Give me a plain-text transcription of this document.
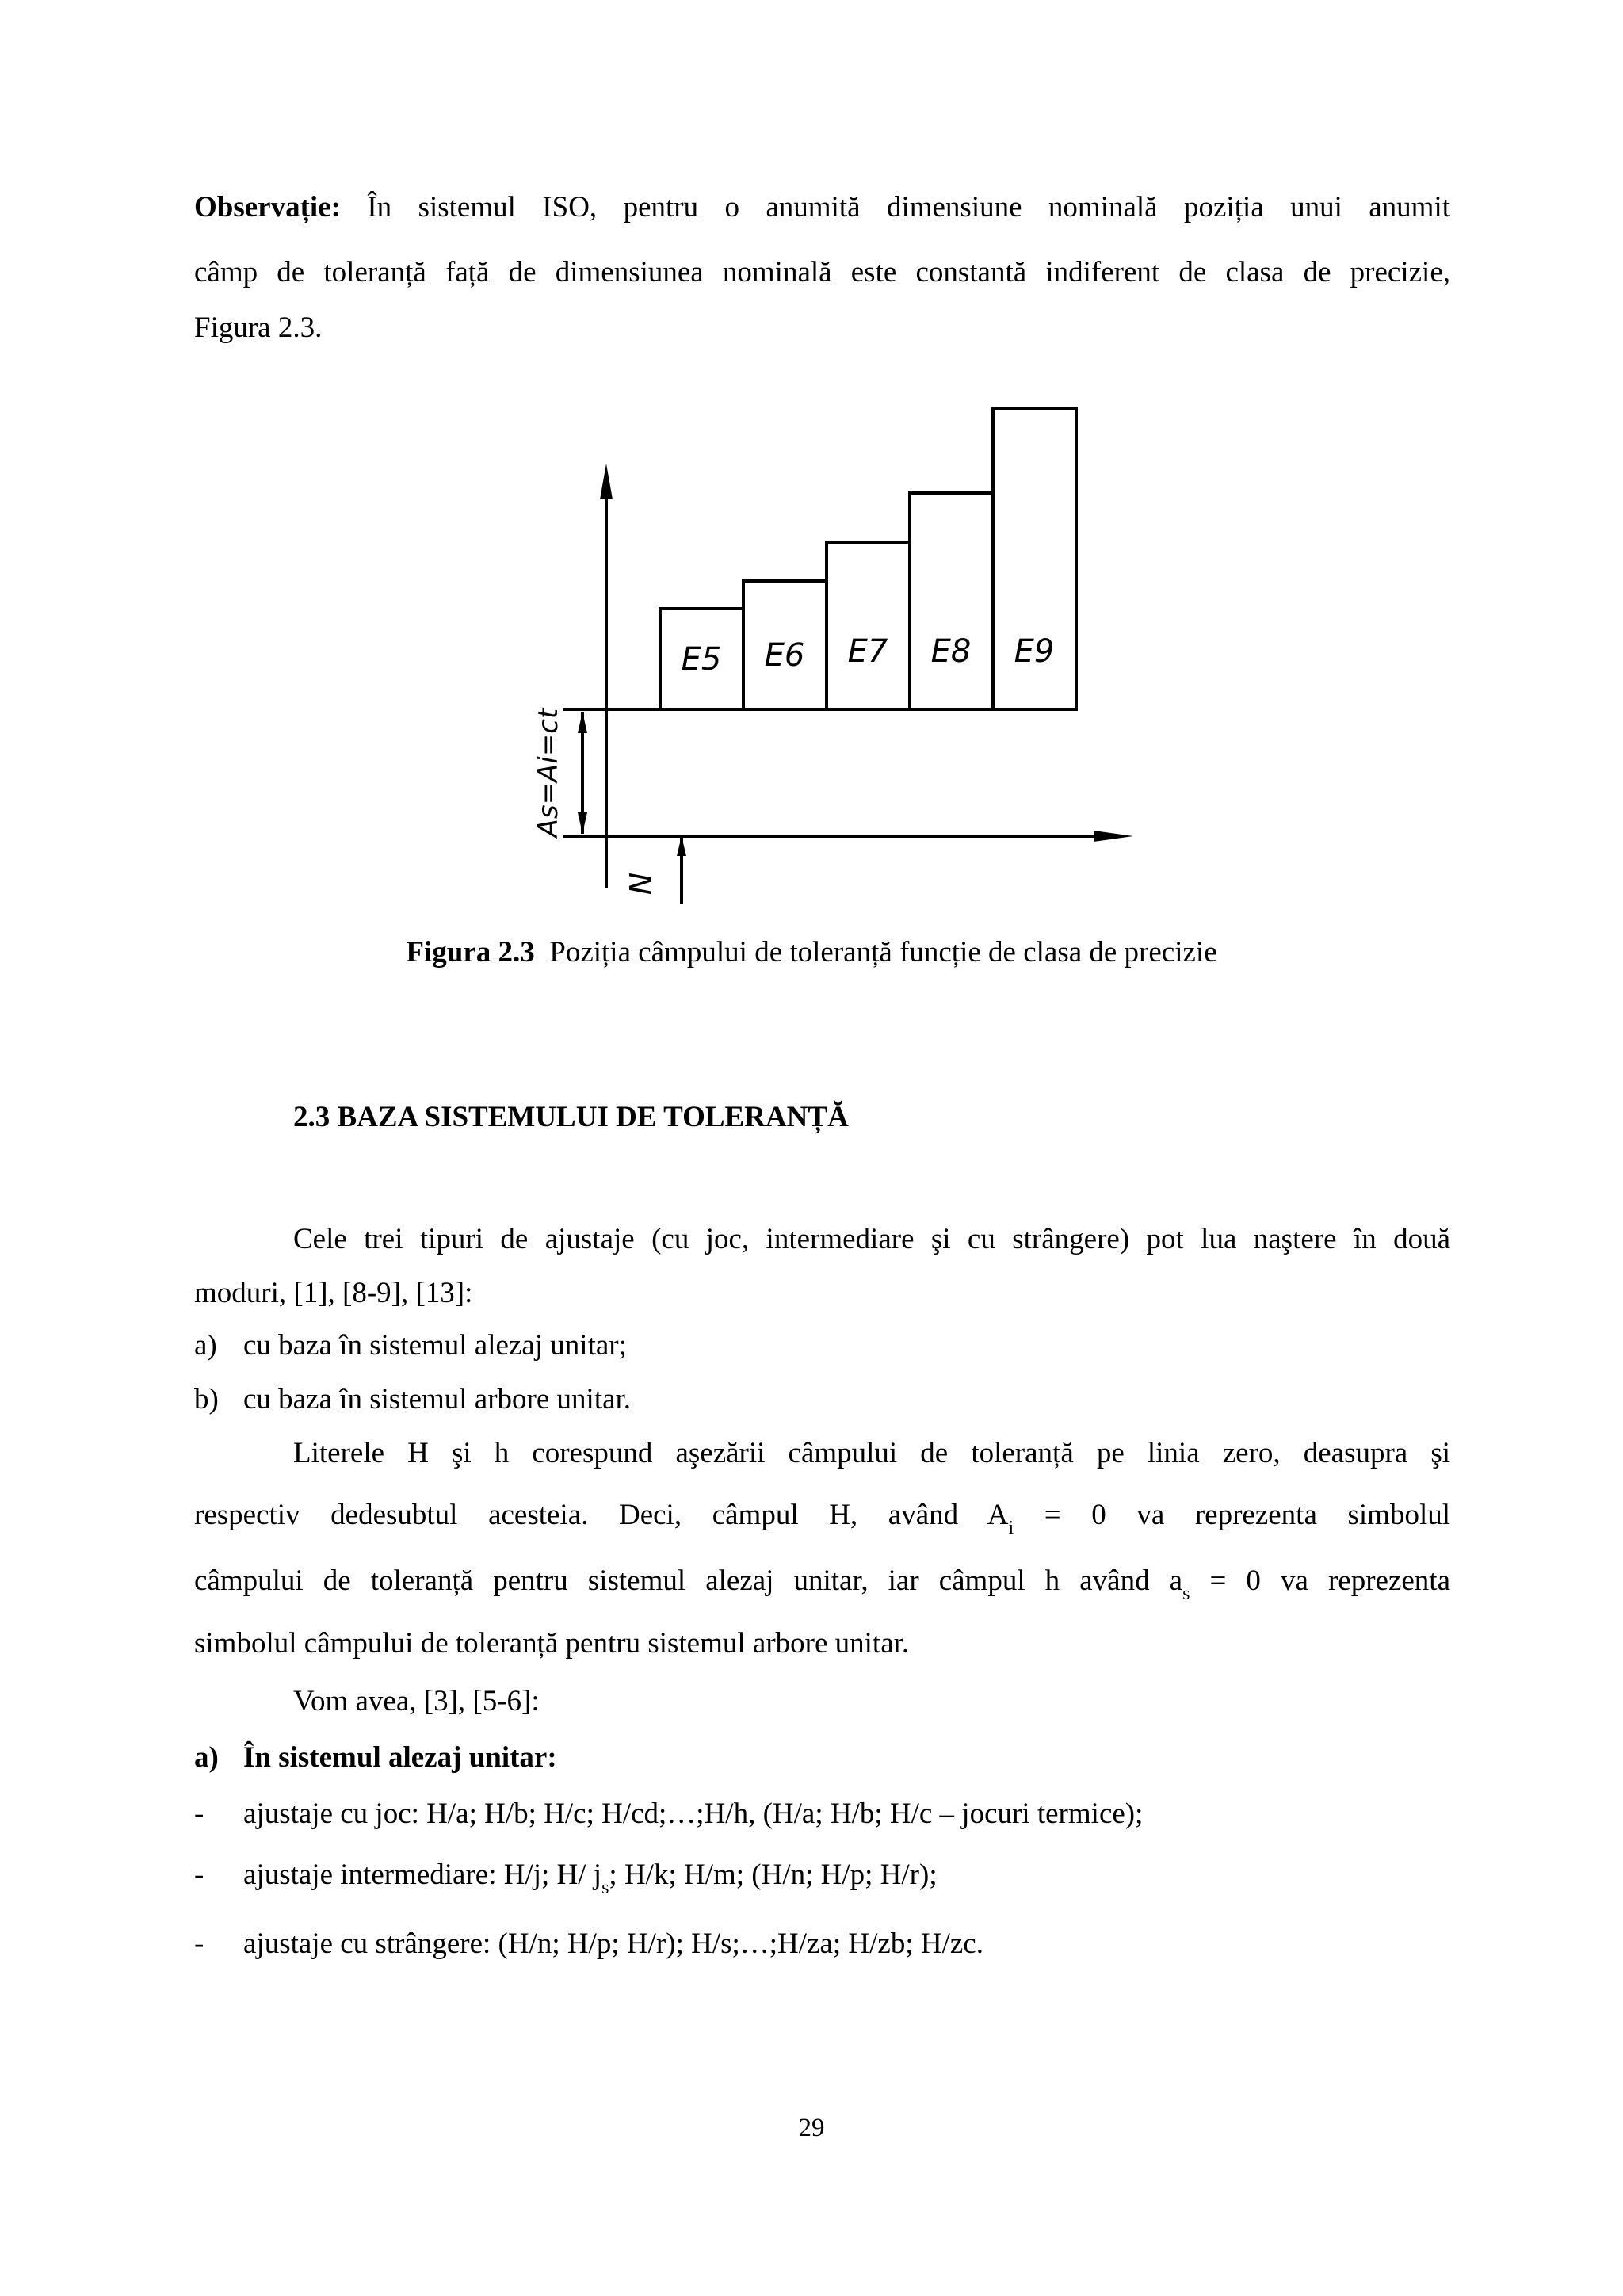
Observație: În sistemul ISO, pentru o anumită dimensiune nominală poziția unui anumit
câmp de toleranță față de dimensiunea nominală este constantă indiferent de clasa de precizie,
Figura 2.3.
E5 E6 E7 E8 E9
As=Ai=ct
N
Figura 2.3 Poziția câmpului de toleranță funcție de clasa de precizie
2.3 BAZA SISTEMULUI DE TOLERANȚĂ
Cele trei tipuri de ajustaje (cu joc, intermediare şi cu strângere) pot lua naştere în două
moduri, [1], [8-9], [13]:
a) cu baza în sistemul alezaj unitar;
b) cu baza în sistemul arbore unitar.
Literele H şi h corespund aşezării câmpului de toleranță pe linia zero, deasupra şi
respectiv dedesubtul acesteia. Deci, câmpul H, având $A_i = 0$ va reprezenta simbolul
câmpului de toleranță pentru sistemul alezaj unitar, iar câmpul h având $a_s = 0$ va reprezenta
simbolul câmpului de toleranță pentru sistemul arbore unitar.
Vom avea, [3], [5-6]:
a) În sistemul alezaj unitar:
- ajustaje cu joc: H/a; H/b; H/c; H/cd;…;H/h, (H/a; H/b; H/c – jocuri termice);
- ajustaje intermediare: H/j; H/ $j_s$; H/k; H/m; (H/n; H/p; H/r);
- ajustaje cu strângere: (H/n; H/p; H/r); H/s;…;H/za; H/zb; H/zc.
29
